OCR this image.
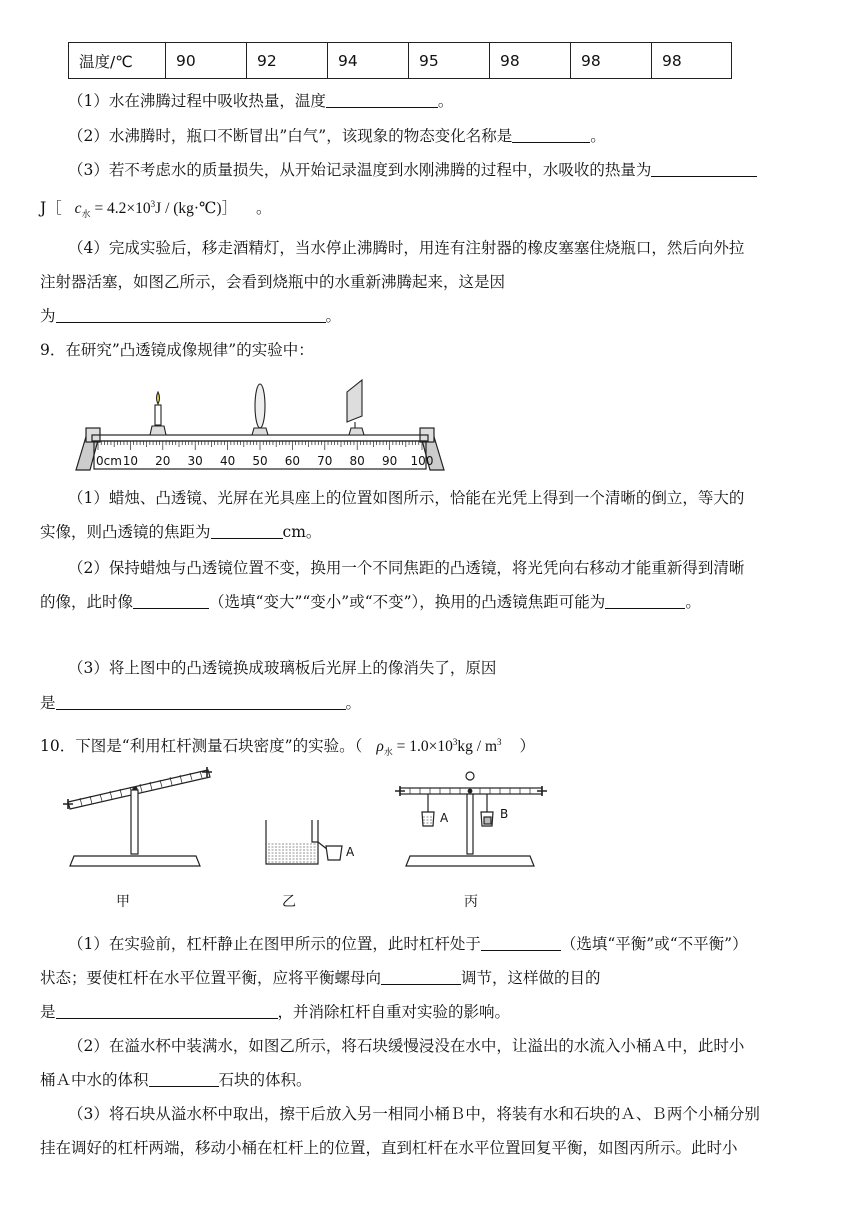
温度/℃	90	92	94	95	98	98	98
（1）水在沸腾过程中吸收热量，温度	。
（2）水沸腾时，瓶口不断冒出”白气”，该现象的物态变化名称是	。
（3）若不考虑水的质量损失，从开始记录温度到水刚沸腾的过程中，水吸收的热量为
J［ $c_水 = 4.2\times 10^3J$ / (kg·℃)］ 。
（4）完成实验后，移走酒精灯，当水停止沸腾时，用连有注射器的橡皮塞塞住烧瓶口，然后向外拉
注射器活塞，如图乙所示，会看到烧瓶中的水重新沸腾起来，这是因
为	。
9．在研究”凸透镜成像规律”的实验中：
0cm 10 20 30 40 50 60 70 80 90 100
（1）蜡烛、凸透镜、光屏在光具座上的位置如图所示，恰能在光凭上得到一个清晰的倒立，等大的
实像，则凸透镜的焦距为	cm。
（2）保持蜡烛与凸透镜位置不变，换用一个不同焦距的凸透镜，将光凭向右移动才能重新得到清晰
的像，此时像	（选填“变大”“变小”或“不变”），换用的凸透镜焦距可能为	。
（3）将上图中的凸透镜换成玻璃板后光屏上的像消失了，原因
是	。
10．下图是“利用杠杆测量石块密度”的实验。（ $\rho_水 = 1.0\times 10^3kg / m^3$ ）
A
A	B
甲	乙	丙
（1）在实验前，杠杆静止在图甲所示的位置，此时杠杆处于	（选填“平衡”或“不平衡”）
状态；要使杠杆在水平位置平衡，应将平衡螺母向	调节，这样做的目的
是	，并消除杠杆自重对实验的影响。
（2）在溢水杯中装满水，如图乙所示，将石块缓慢浸没在水中，让溢出的水流入小桶Ａ中，此时小
桶Ａ中水的体积	石块的体积。
（3）将石块从溢水杯中取出，擦干后放入另一相同小桶Ｂ中，将装有水和石块的Ａ、Ｂ两个小桶分别
挂在调好的杠杆两端，移动小桶在杠杆上的位置，直到杠杆在水平位置回复平衡，如图丙所示。此时小
